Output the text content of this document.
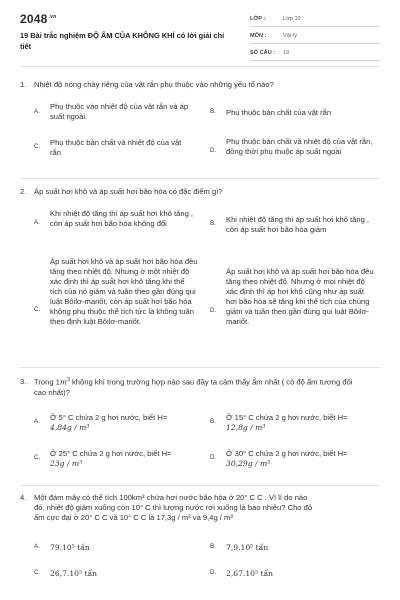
$2048^{.vn}$
19 Bài trắc nghiệm ĐỘ ẨM CỦA KHÔNG KHÍ có lời giải chi tiết
LỚP :	Lớp 10
MÔN :	Vật lý
SỐ CÂU :	19
1. Nhiệt độ nóng chảy riêng của vật rắn phụ thuộc vào những yếu tố nào?
A.
Phụ thuộc vào nhiệt độ của vật rắn và áp suất ngoài.
B. Phụ thuộc bản chất của vật rắn
C. Phụ thuộc bản chất và nhiệt độ của vật rắn	D.
Phụ thuộc bản chất và nhiệt độ của vật rắn, đồng thời phụ thuộc áp suất ngoài
2. Áp suất hơi khô và áp suất hơi bão hòa có đặc điểm gì?
A.
Khi nhiệt độ tăng thì áp suất hơi khô tăng , còn áp suất hơi bão hòa không đổi	B. Khi nhiệt độ tăng thì áp suất hơi khô tăng , còn áp suất hơi bão hòa giảm
C.
Áp suất hơi khô và áp suất hơi bão hòa đều tăng theo nhiệt độ. Nhưng ở một nhiệt độ xác định thì áp suất hơi khô tăng khi thể tích của nó giảm và tuân theo gần đúng qui luật Bôilơ-mariốt, còn áp suất hơi bão hòa không phụ thuộc thể tích tức là không tuân theo định luật Bôilơ-mariốt.
D.
Áp suất hơi khô và áp suất hơi bão hòa đều tăng theo nhiệt độ. Nhưng ở mọi nhiệt độ xác định thì áp hơi khô cũng như áp suất hơi bão hòa sẽ tăng khi thể tích của chúng giảm và tuân theo gần đúng qui luật Bôilơ-mariốt.
3. Trong $1m^3$ không khí trong trường hợp nào sau đây ta cảm thấy ẩm nhất ( có độ ẩm tương đối cao nhất)?
A. Ở 5° C chứa 2 g hơi nước, biết H=
4,84g / m³
B. Ở 15° C chứa 2 g hơi nước, biết H=
12,8g / m³
C. Ở 25° C chứa 2 g hơi nước, biết H=
23g / m³
D. Ở 30° C chứa 2 g hơi nước, biết H=
30,29g / m³
4. Một đám mây có thể tích 100km³ chứa hơi nước bão hòa ở 20° C C . Vì lí do nào
đó, nhiệt độ giảm xuống còn 10° C thì lượng nước rơi xuống là bao nhiêu? Cho độ
ẩm cực đại ở 20° C C và 10° C C là 17,3g / m³ và 9,4g / m³
A. 79.10⁵ tấn	B. 7,9.10⁵ tấn
C. 26,7.10⁵ tấn	D. 2,67.10⁵ tấn
